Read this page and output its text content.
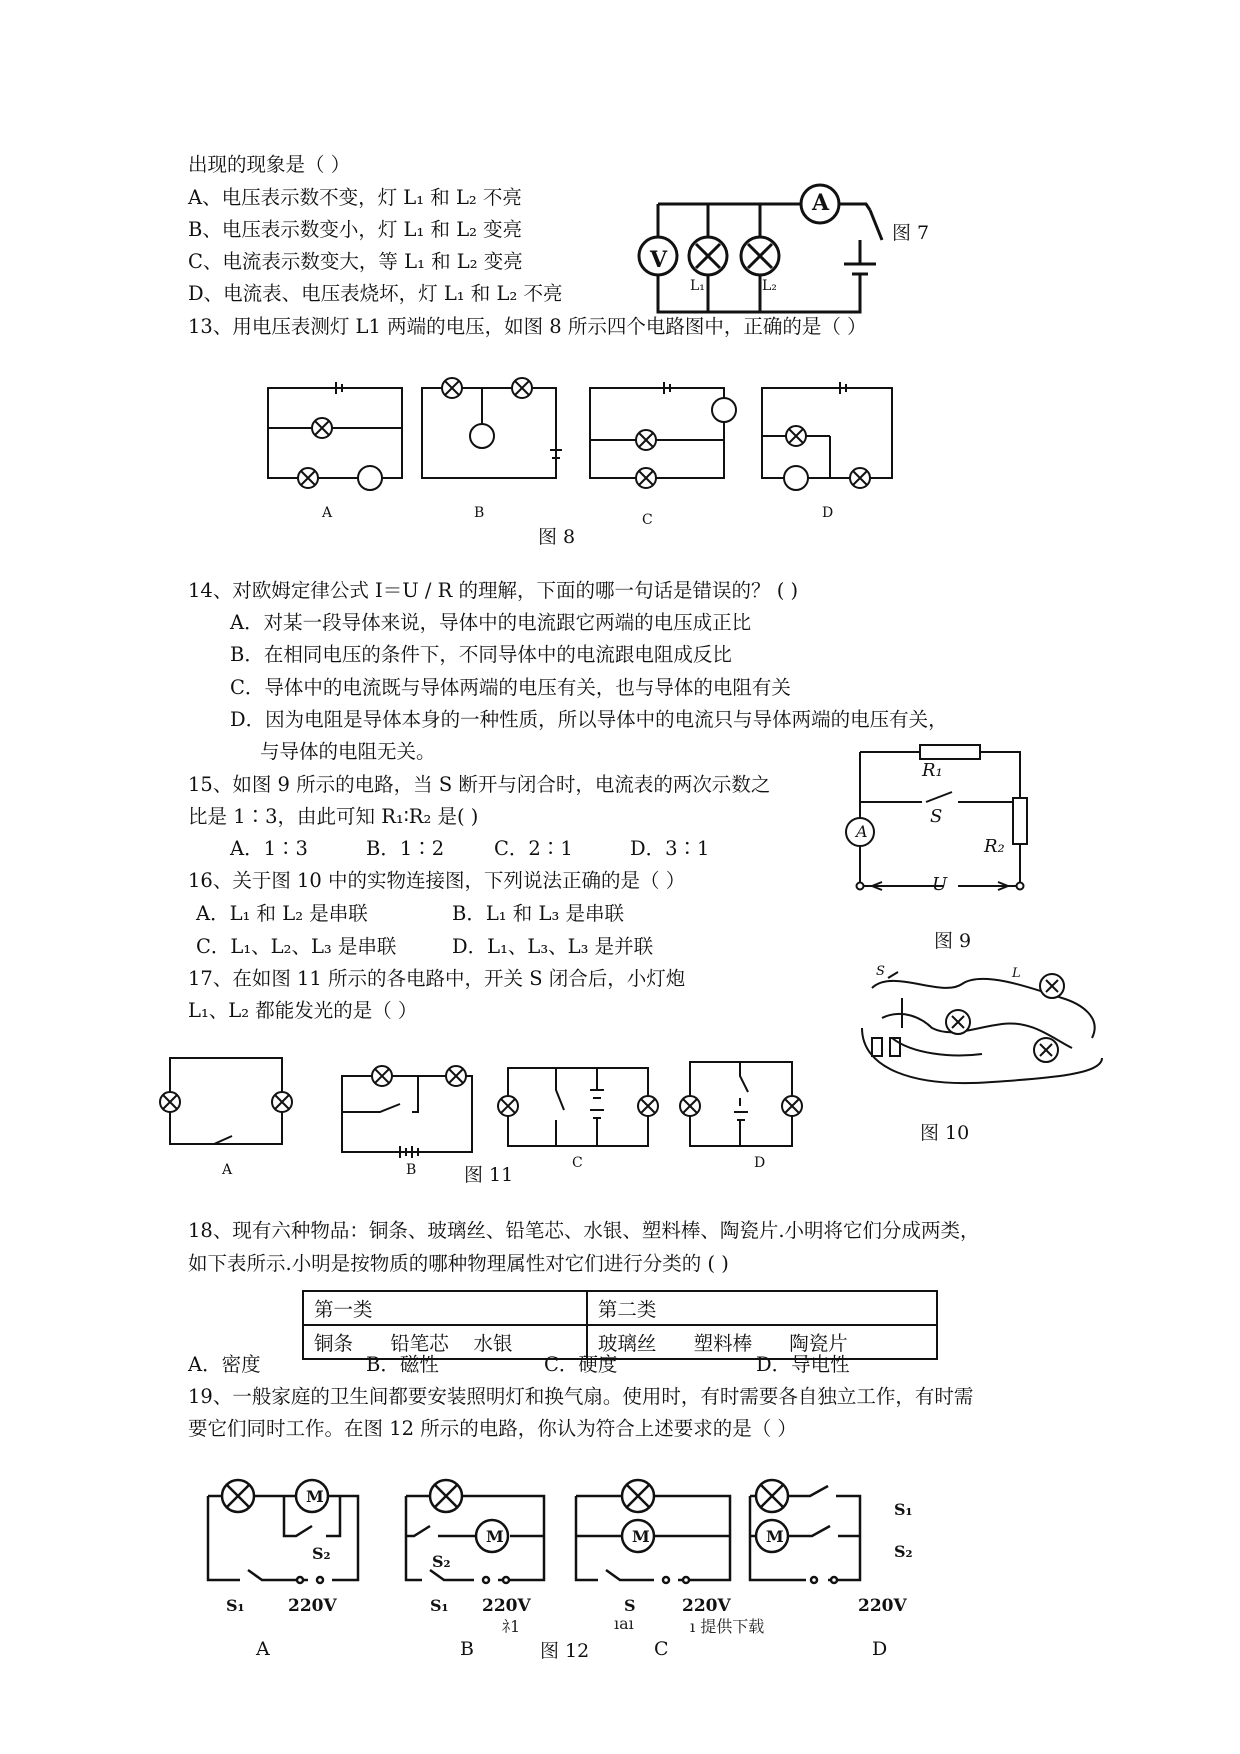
出现的现象是（ ）
A、电压表示数不变，灯 L₁ 和 L₂ 不亮
B、电压表示数变小，灯 L₁ 和 L₂ 变亮
C、电流表示数变大，等 L₁ 和 L₂ 变亮
D、电流表、电压表烧坏，灯 L₁ 和 L₂ 不亮
V
A
L₁	L₂
图 7
13、用电压表测灯 L1 两端的电压，如图 8 所示四个电路图中，正确的是（ ）
A	B	C	D
图 8
14、对欧姆定律公式 I＝U / R 的理解，下面的哪一句话是错误的？ ( )
A．对某一段导体来说，导体中的电流跟它两端的电压成正比
B．在相同电压的条件下，不同导体中的电流跟电阻成反比
C．导体中的电流既与导体两端的电压有关，也与导体的电阻有关
D．因为电阻是导体本身的一种性质，所以导体中的电流只与导体两端的电压有关，
与导体的电阻无关。
15、如图 9 所示的电路，当 S 断开与闭合时，电流表的两次示数之
比是 1∶3，由此可知 R₁∶R₂ 是( )
A．1∶3	B．1∶2	C．2∶1	D．3∶1
A
R₁
S
R₂
U
图 9
16、关于图 10 中的实物连接图，下列说法正确的是（ ）
A．L₁ 和 L₂ 是串联	B．L₁ 和 L₃ 是串联
C．L₁、L₂、L₃ 是串联	D．L₁、L₃、L₃ 是并联
17、在如图 11 所示的各电路中，开关 S 闭合后，小灯炮
L₁、L₂ 都能发光的是（ ）
S	L
图 10
A	B	C	D
图 11
18、现有六种物品：铜条、玻璃丝、铅笔芯、水银、塑料棒、陶瓷片.小明将它们分成两类，
如下表所示.小明是按物质的哪种物理属性对它们进行分类的 ( )
第一类	第二类
铜条      铅笔芯    水银	玻璃丝      塑料棒      陶瓷片
A．密度	B．磁性	C．硬度	D．导电性
19、一般家庭的卫生间都要安装照明灯和换气扇。使用时，有时需要各自独立工作，有时需
要它们同时工作。在图 12 所示的电路，你认为符合上述要求的是（ ）
M
S₂
S₁	220V
M
S₂
S₁ 220V
M
S	220V
M
S₁
S₂
220V
A	B	C	D
图 12
ﾈ1	ıaı	ı 提供下载
